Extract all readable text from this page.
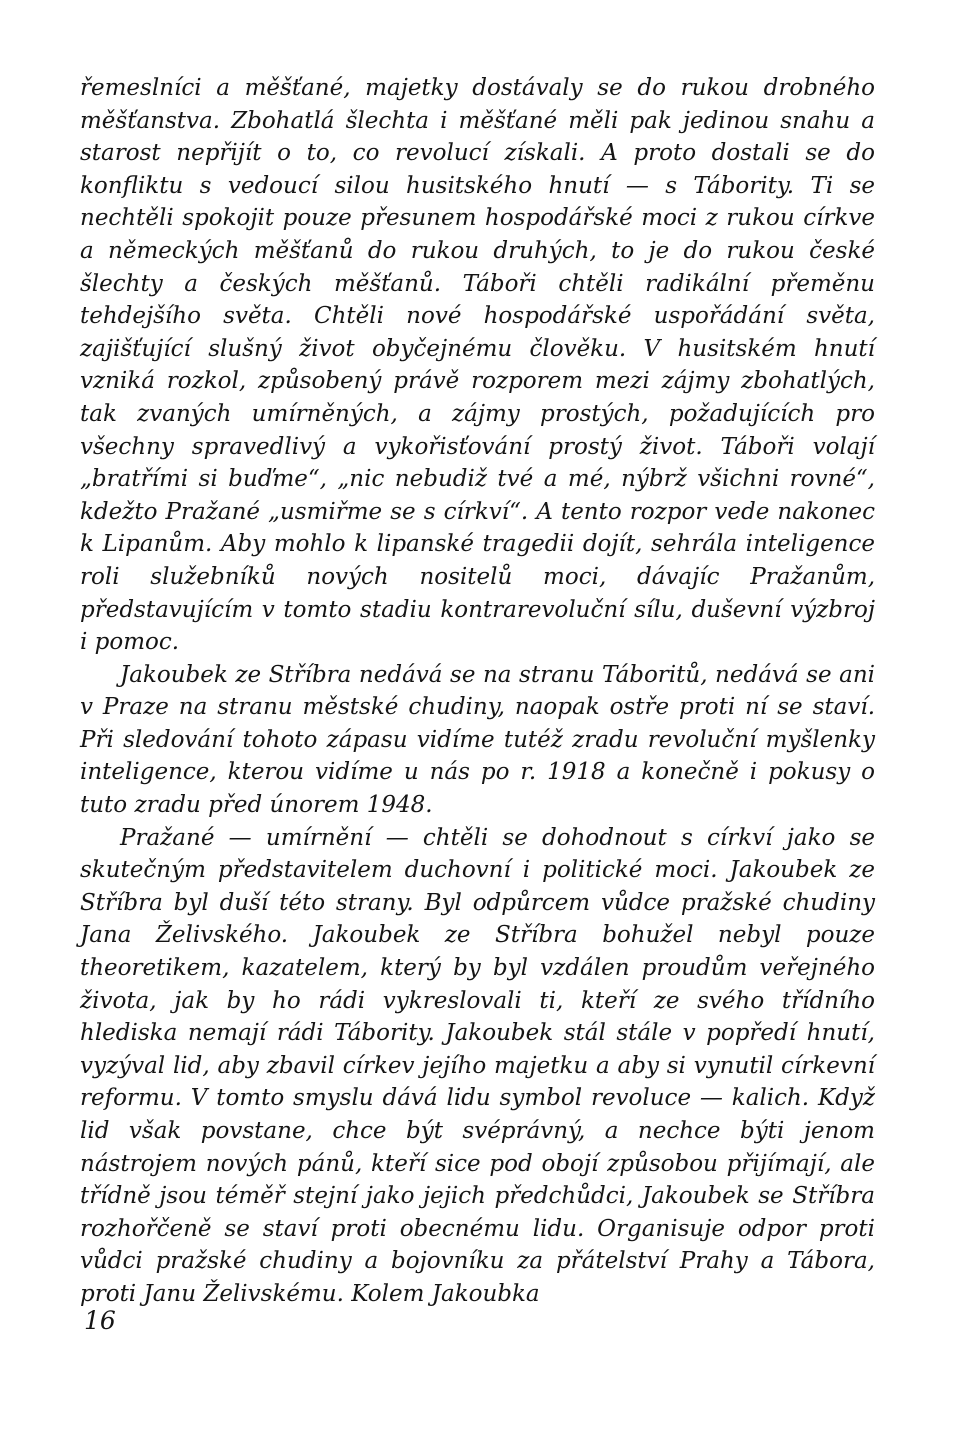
řemeslníci a měšťané, majetky dostávaly se do rukou drobného měšťanstva. Zbohatlá šlechta i měšťané měli pak jedinou snahu a starost nepřijít o to, co revolucí získali. A proto dostali se do konfliktu s vedoucí silou husitského hnutí — s Tábority. Ti se nechtěli spokojit pouze přesunem hospodářské moci z rukou církve a německých měšťanů do rukou druhých, to je do rukou české šlechty a českých měšťanů. Táboři chtěli radikální přeměnu tehdejšího světa. Chtěli nové hospodářské uspořádání světa, zajišťující slušný život obyčejnému člověku. V husitském hnutí vzniká rozkol, způsobený právě rozporem mezi zájmy zbohatlých, tak zvaných umírněných, a zájmy prostých, požadujících pro všechny spravedlivý a vykořisťování prostý život. Táboři volají „bratřími si buďme“, „nic nebudiž tvé a mé, nýbrž všichni rovné“, kdežto Pražané „usmiřme se s církví“. A tento rozpor vede nakonec k Lipanům. Aby mohlo k lipanské tragedii dojít, sehrála inteligence roli služebníků nových nositelů moci, dávajíc Pražanům, představujícím v tomto stadiu kontrarevoluční sílu, duševní výzbroj i pomoc.

Jakoubek ze Stříbra nedává se na stranu Táboritů, nedává se ani v Praze na stranu městské chudiny, naopak ostře proti ní se staví. Při sledování tohoto zápasu vidíme tutéž zradu revoluční myšlenky inteligence, kterou vidíme u nás po r. 1918 a konečně i pokusy o tuto zradu před únorem 1948.

Pražané — umírnění — chtěli se dohodnout s církví jako se skutečným představitelem duchovní i politické moci. Jakoubek ze Stříbra byl duší této strany. Byl odpůrcem vůdce pražské chudiny Jana Želivského. Jakoubek ze Stříbra bohužel nebyl pouze theoretikem, kazatelem, který by byl vzdálen proudům veřejného života, jak by ho rádi vykreslovali ti, kteří ze svého třídního hlediska nemají rádi Tábority. Jakoubek stál stále v popředí hnutí, vyzýval lid, aby zbavil církev jejího majetku a aby si vynutil církevní reformu. V tomto smyslu dává lidu symbol revoluce — kalich. Když lid však povstane, chce být svéprávný, a nechce býti jenom nástrojem nových pánů, kteří sice pod obojí způsobou přijímají, ale třídně jsou téměř stejní jako jejich předchůdci, Jakoubek se Stříbra rozhořčeně se staví proti obecnému lidu. Organisuje odpor proti vůdci pražské chudiny a bojovníku za přátelství Prahy a Tábora, proti Janu Želivskému. Kolem Jakoubka

16
